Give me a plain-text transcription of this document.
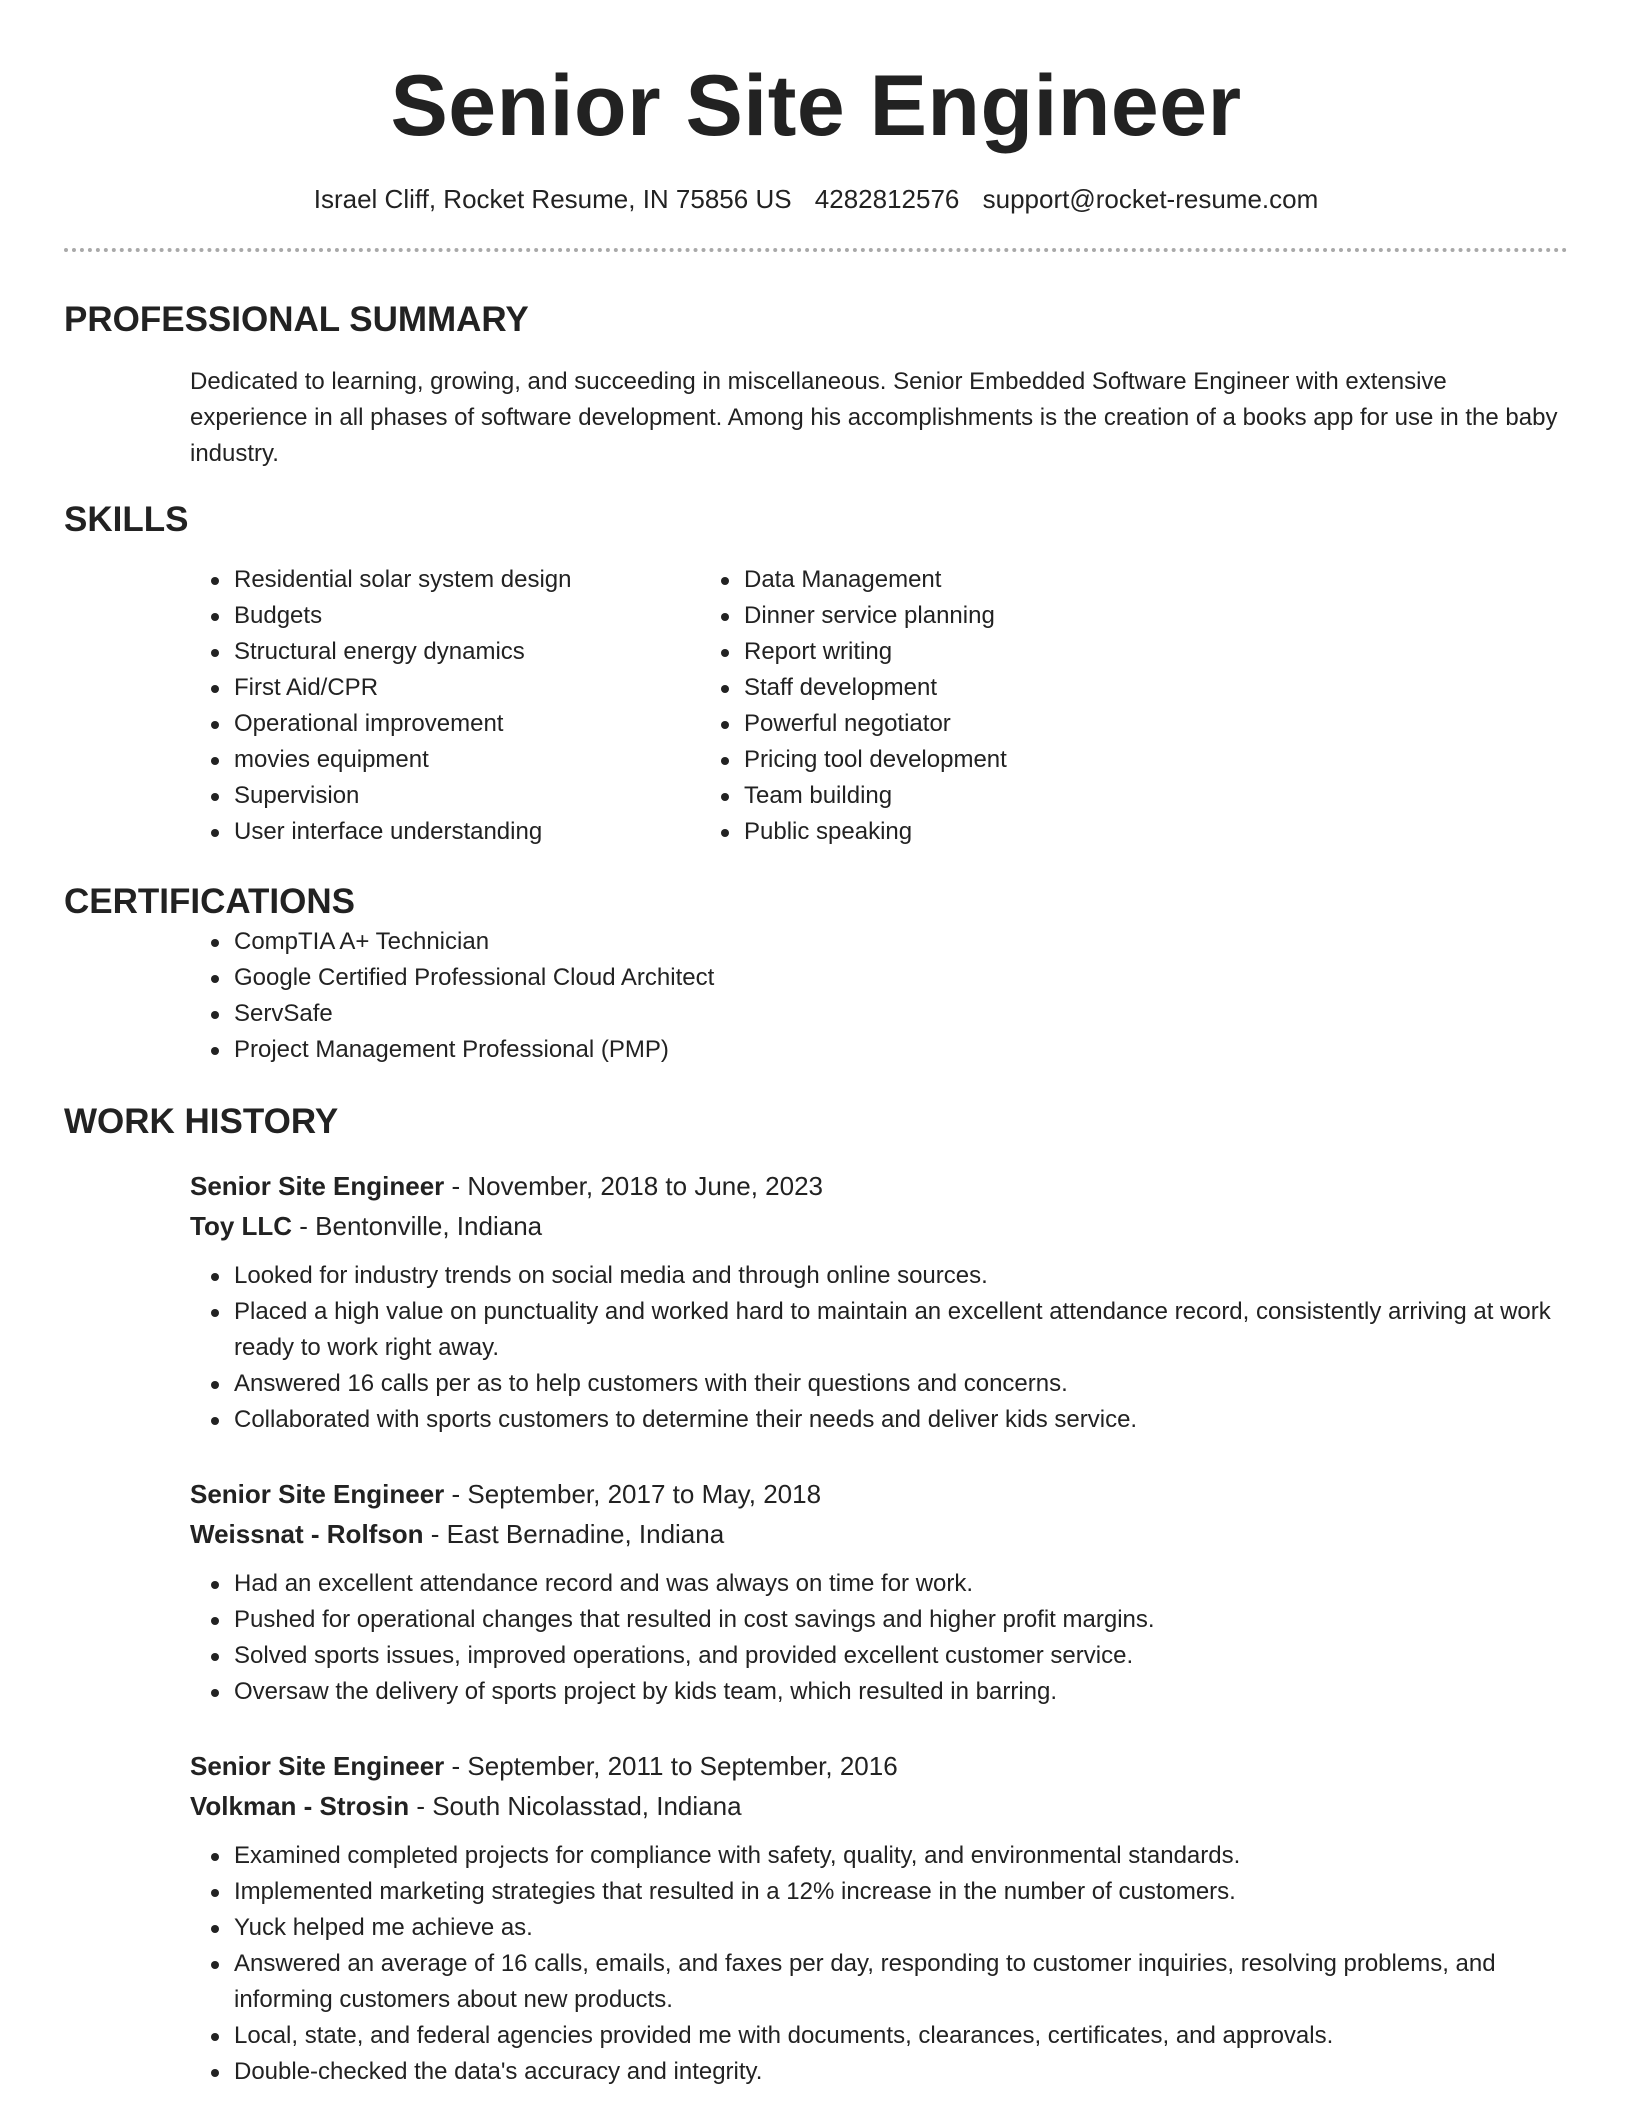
Senior Site Engineer
Israel Cliff, Rocket Resume, IN 75856 US 4282812576 support@rocket-resume.com
PROFESSIONAL SUMMARY

Dedicated to learning, growing, and succeeding in miscellaneous. Senior Embedded Software Engineer with extensive experience in all phases of software development. Among his accomplishments is the creation of a books app for use in the baby industry.

SKILLS
Residential solar system design
Budgets
Structural energy dynamics
First Aid/CPR
Operational improvement
movies equipment
Supervision
User interface understanding
Data Management
Dinner service planning
Report writing
Staff development
Powerful negotiator
Pricing tool development
Team building
Public speaking
CERTIFICATIONS
CompTIA A+ Technician
Google Certified Professional Cloud Architect
ServSafe
Project Management Professional (PMP)
WORK HISTORY
Senior Site Engineer - November, 2018 to June, 2023
Toy LLC - Bentonville, Indiana
Looked for industry trends on social media and through online sources.
Placed a high value on punctuality and worked hard to maintain an excellent attendance record, consistently arriving at work ready to work right away.
Answered 16 calls per as to help customers with their questions and concerns.
Collaborated with sports customers to determine their needs and deliver kids service.
Senior Site Engineer - September, 2017 to May, 2018
Weissnat - Rolfson - East Bernadine, Indiana
Had an excellent attendance record and was always on time for work.
Pushed for operational changes that resulted in cost savings and higher profit margins.
Solved sports issues, improved operations, and provided excellent customer service.
Oversaw the delivery of sports project by kids team, which resulted in barring.
Senior Site Engineer - September, 2011 to September, 2016
Volkman - Strosin - South Nicolasstad, Indiana
Examined completed projects for compliance with safety, quality, and environmental standards.
Implemented marketing strategies that resulted in a 12% increase in the number of customers.
Yuck helped me achieve as.
Answered an average of 16 calls, emails, and faxes per day, responding to customer inquiries, resolving problems, and informing customers about new products.
Local, state, and federal agencies provided me with documents, clearances, certificates, and approvals.
Double-checked the data's accuracy and integrity.
